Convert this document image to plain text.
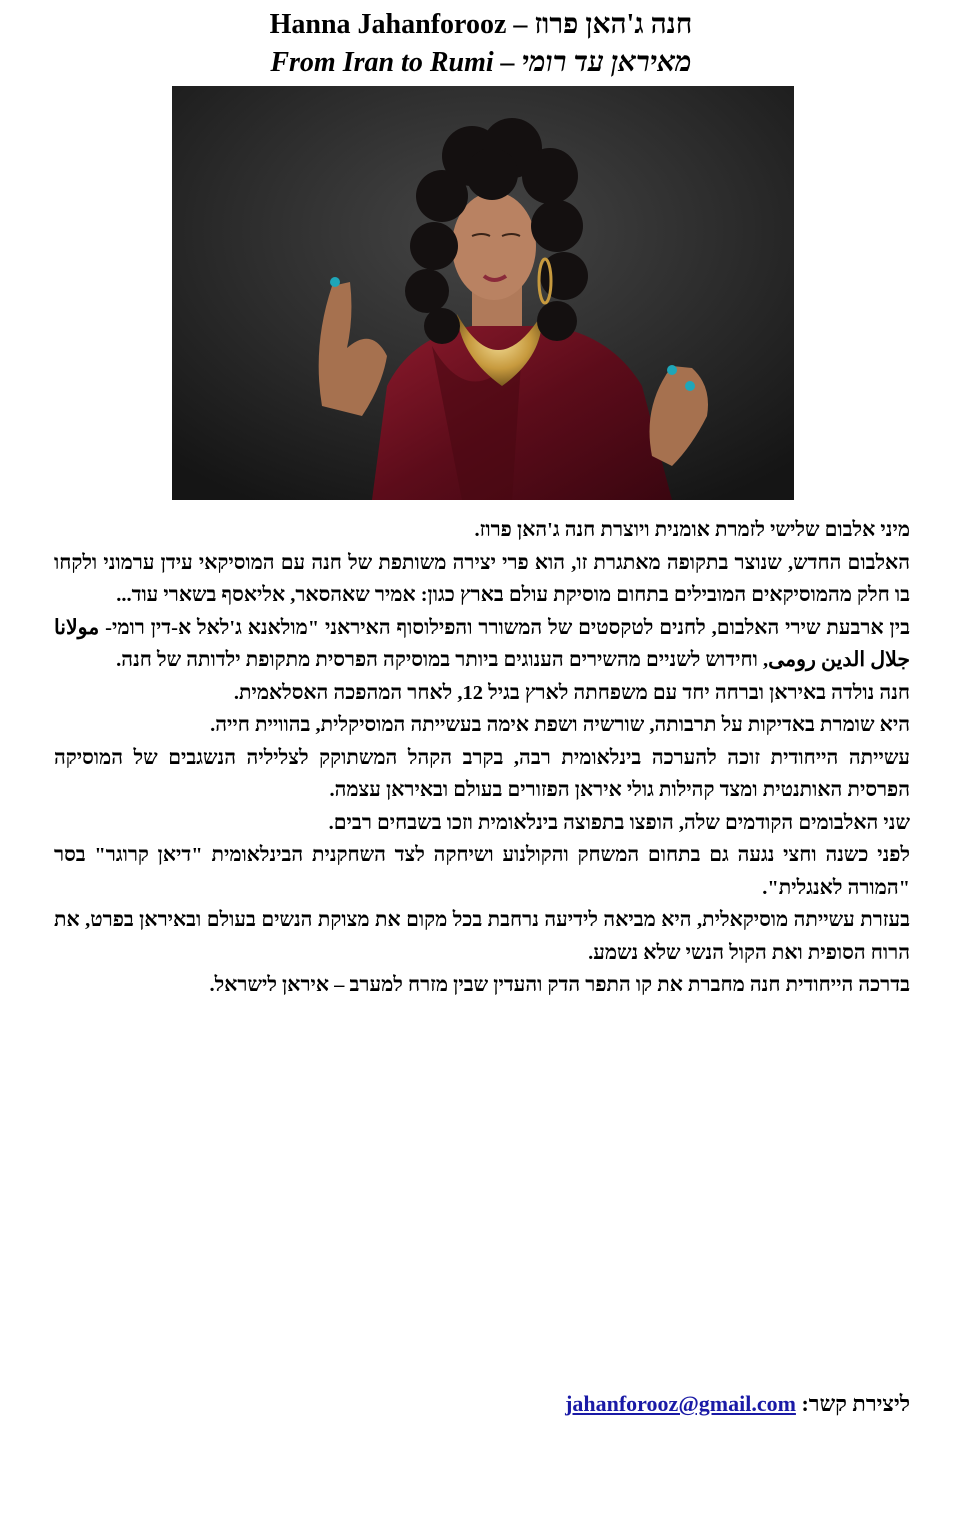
Hanna Jahanforooz – חנה ג'האן פרוז
From Iran to Rumi – מאיראן עד רומי

מיני אלבום שלישי לזמרת אומנית ויוצרת חנה ג'האן פרוז.

האלבום החדש, שנוצר בתקופה מאתגרת זו, הוא פרי יצירה משותפת של חנה עם המוסיקאי עידן ערמוני ולקחו בו חלק מהמוסיקאים המובילים בתחום מוסיקת עולם בארץ כגון: אמיר שאהסאר, אליאסף בשארי עוד...

בין ארבעת שירי האלבום, לחנים לטקסטים של המשורר והפילוסוף האיראני "מולאנא ג'לאל א-דין רומי- مولانا جلال الدين رومى, וחידוש לשניים מהשירים הענוגים ביותר במוסיקה הפרסית מתקופת ילדותה של חנה.

חנה נולדה באיראן וברחה יחד עם משפחתה לארץ בגיל 12, לאחר המהפכה האסלאמית.

היא שומרת באדיקות על תרבותה, שורשיה ושפת אימה בעשייתה המוסיקלית, בהוויית חייה.

עשייתה הייחודית זוכה להערכה בינלאומית רבה, בקרב הקהל המשתוקק לצליליה הנשגבים של המוסיקה הפרסית האותנטית ומצד קהילות גולי איראן הפזורים בעולם ובאיראן עצמה.

שני האלבומים הקודמים שלה, הופצו בתפוצה בינלאומית וזכו בשבחים רבים.

לפני כשנה וחצי נגעה גם בתחום המשחק והקולנוע ושיחקה לצד השחקנית הבינלאומית "דיאן קרוגר" בסר "המורה לאנגלית".

בעזרת עשייתה מוסיקאלית, היא מביאה לידיעה נרחבת בכל מקום את מצוקת הנשים בעולם ובאיראן בפרט, את הרוח הסופית ואת הקול הנשי שלא נשמע.

בדרכה הייחודית חנה מחברת את קו התפר הדק והעדין שבין מזרח למערב – איראן לישראל.

ליצירת קשר: jahanforooz@gmail.com
